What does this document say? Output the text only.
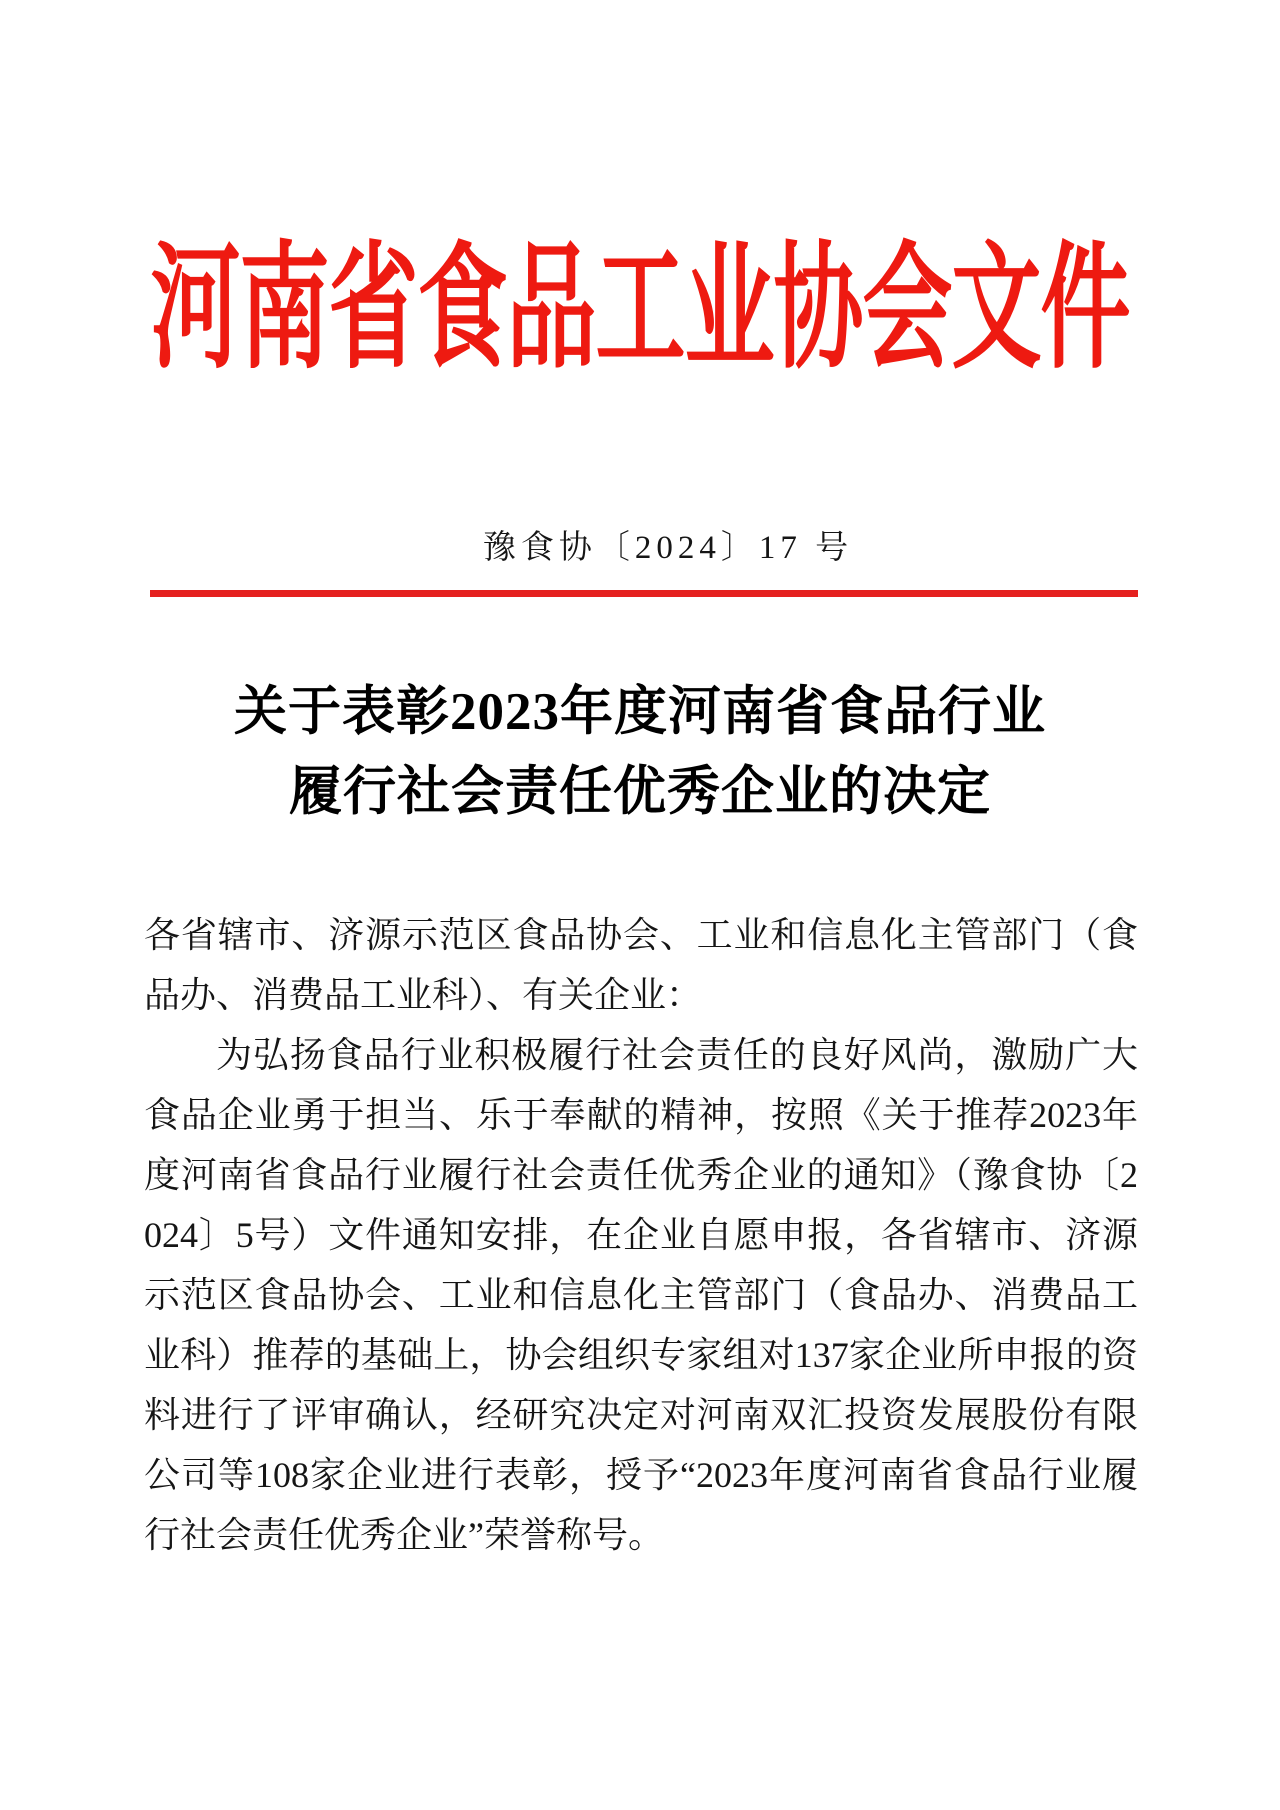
河南省食品工业协会文件
豫食协〔2024〕17 号
关于表彰2023年度河南省食品行业
履行社会责任优秀企业的决定
各省辖市、济源示范区食品协会、工业和信息化主管部门（食
品办、消费品工业科）、有关企业：
为弘扬食品行业积极履行社会责任的良好风尚，激励广大
食品企业勇于担当、乐于奉献的精神，按照《关于推荐2023年
度河南省食品行业履行社会责任优秀企业的通知》（豫食协〔2
024〕5号）文件通知安排，在企业自愿申报，各省辖市、济源
示范区食品协会、工业和信息化主管部门（食品办、消费品工
业科）推荐的基础上，协会组织专家组对137家企业所申报的资
料进行了评审确认，经研究决定对河南双汇投资发展股份有限
公司等108家企业进行表彰，授予“2023年度河南省食品行业履
行社会责任优秀企业”荣誉称号。
